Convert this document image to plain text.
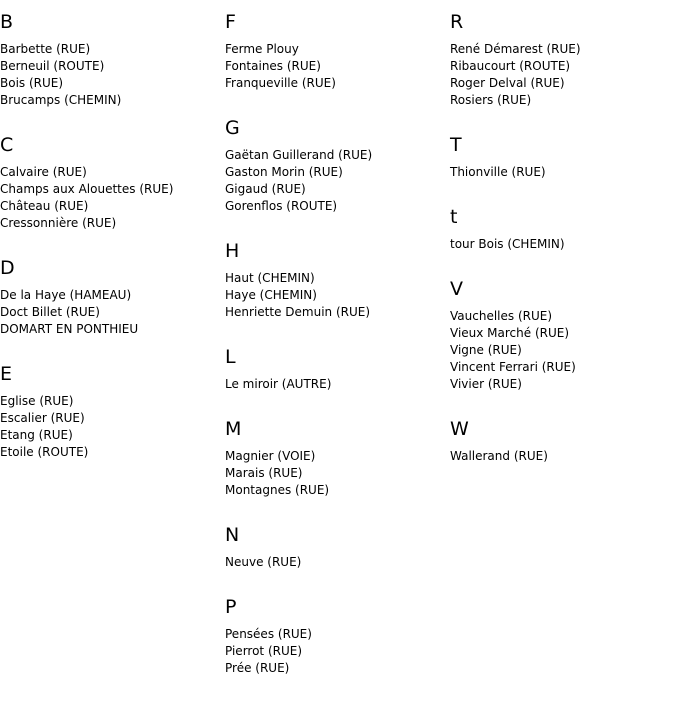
B
Barbette (RUE)
Berneuil (ROUTE)
Bois (RUE)
Brucamps (CHEMIN)
C
Calvaire (RUE)
Champs aux Alouettes (RUE)
Château (RUE)
Cressonnière (RUE)
D
De la Haye (HAMEAU)
Doct Billet (RUE)
DOMART EN PONTHIEU
E
Eglise (RUE)
Escalier (RUE)
Etang (RUE)
Etoile (ROUTE)
F
Ferme Plouy
Fontaines (RUE)
Franqueville (RUE)
G
Gaëtan Guillerand (RUE)
Gaston Morin (RUE)
Gigaud (RUE)
Gorenflos (ROUTE)
H
Haut (CHEMIN)
Haye (CHEMIN)
Henriette Demuin (RUE)
L
Le miroir (AUTRE)
M
Magnier (VOIE)
Marais (RUE)
Montagnes (RUE)
N
Neuve (RUE)
P
Pensées (RUE)
Pierrot (RUE)
Prée (RUE)
R
René Démarest (RUE)
Ribaucourt (ROUTE)
Roger Delval (RUE)
Rosiers (RUE)
T
Thionville (RUE)
t
tour Bois (CHEMIN)
V
Vauchelles (RUE)
Vieux Marché (RUE)
Vigne (RUE)
Vincent Ferrari (RUE)
Vivier (RUE)
W
Wallerand (RUE)
